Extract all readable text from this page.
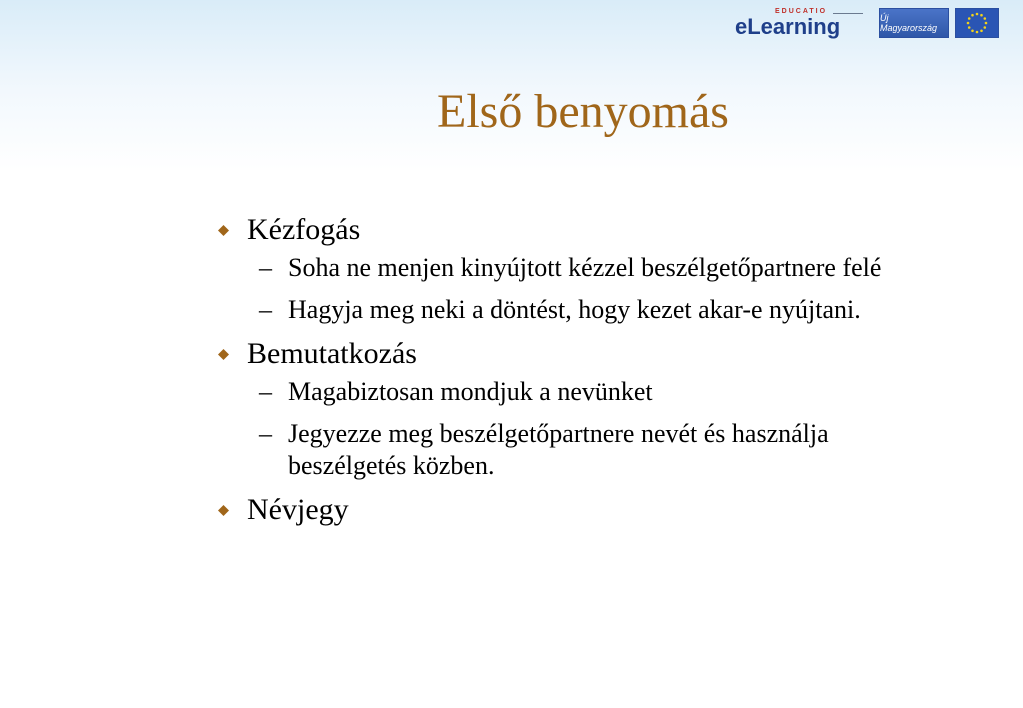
EDUCATIO
eLearning	Új Magyarország
Első benyomás
Kézfogás
– Soha ne menjen kinyújtott kézzel beszélgetőpartnere felé
– Hagyja meg neki a döntést, hogy kezet akar-e nyújtani.
Bemutatkozás
– Magabiztosan mondjuk a nevünket
– Jegyezze meg beszélgetőpartnere nevét és használja beszélgetés közben.
Névjegy
